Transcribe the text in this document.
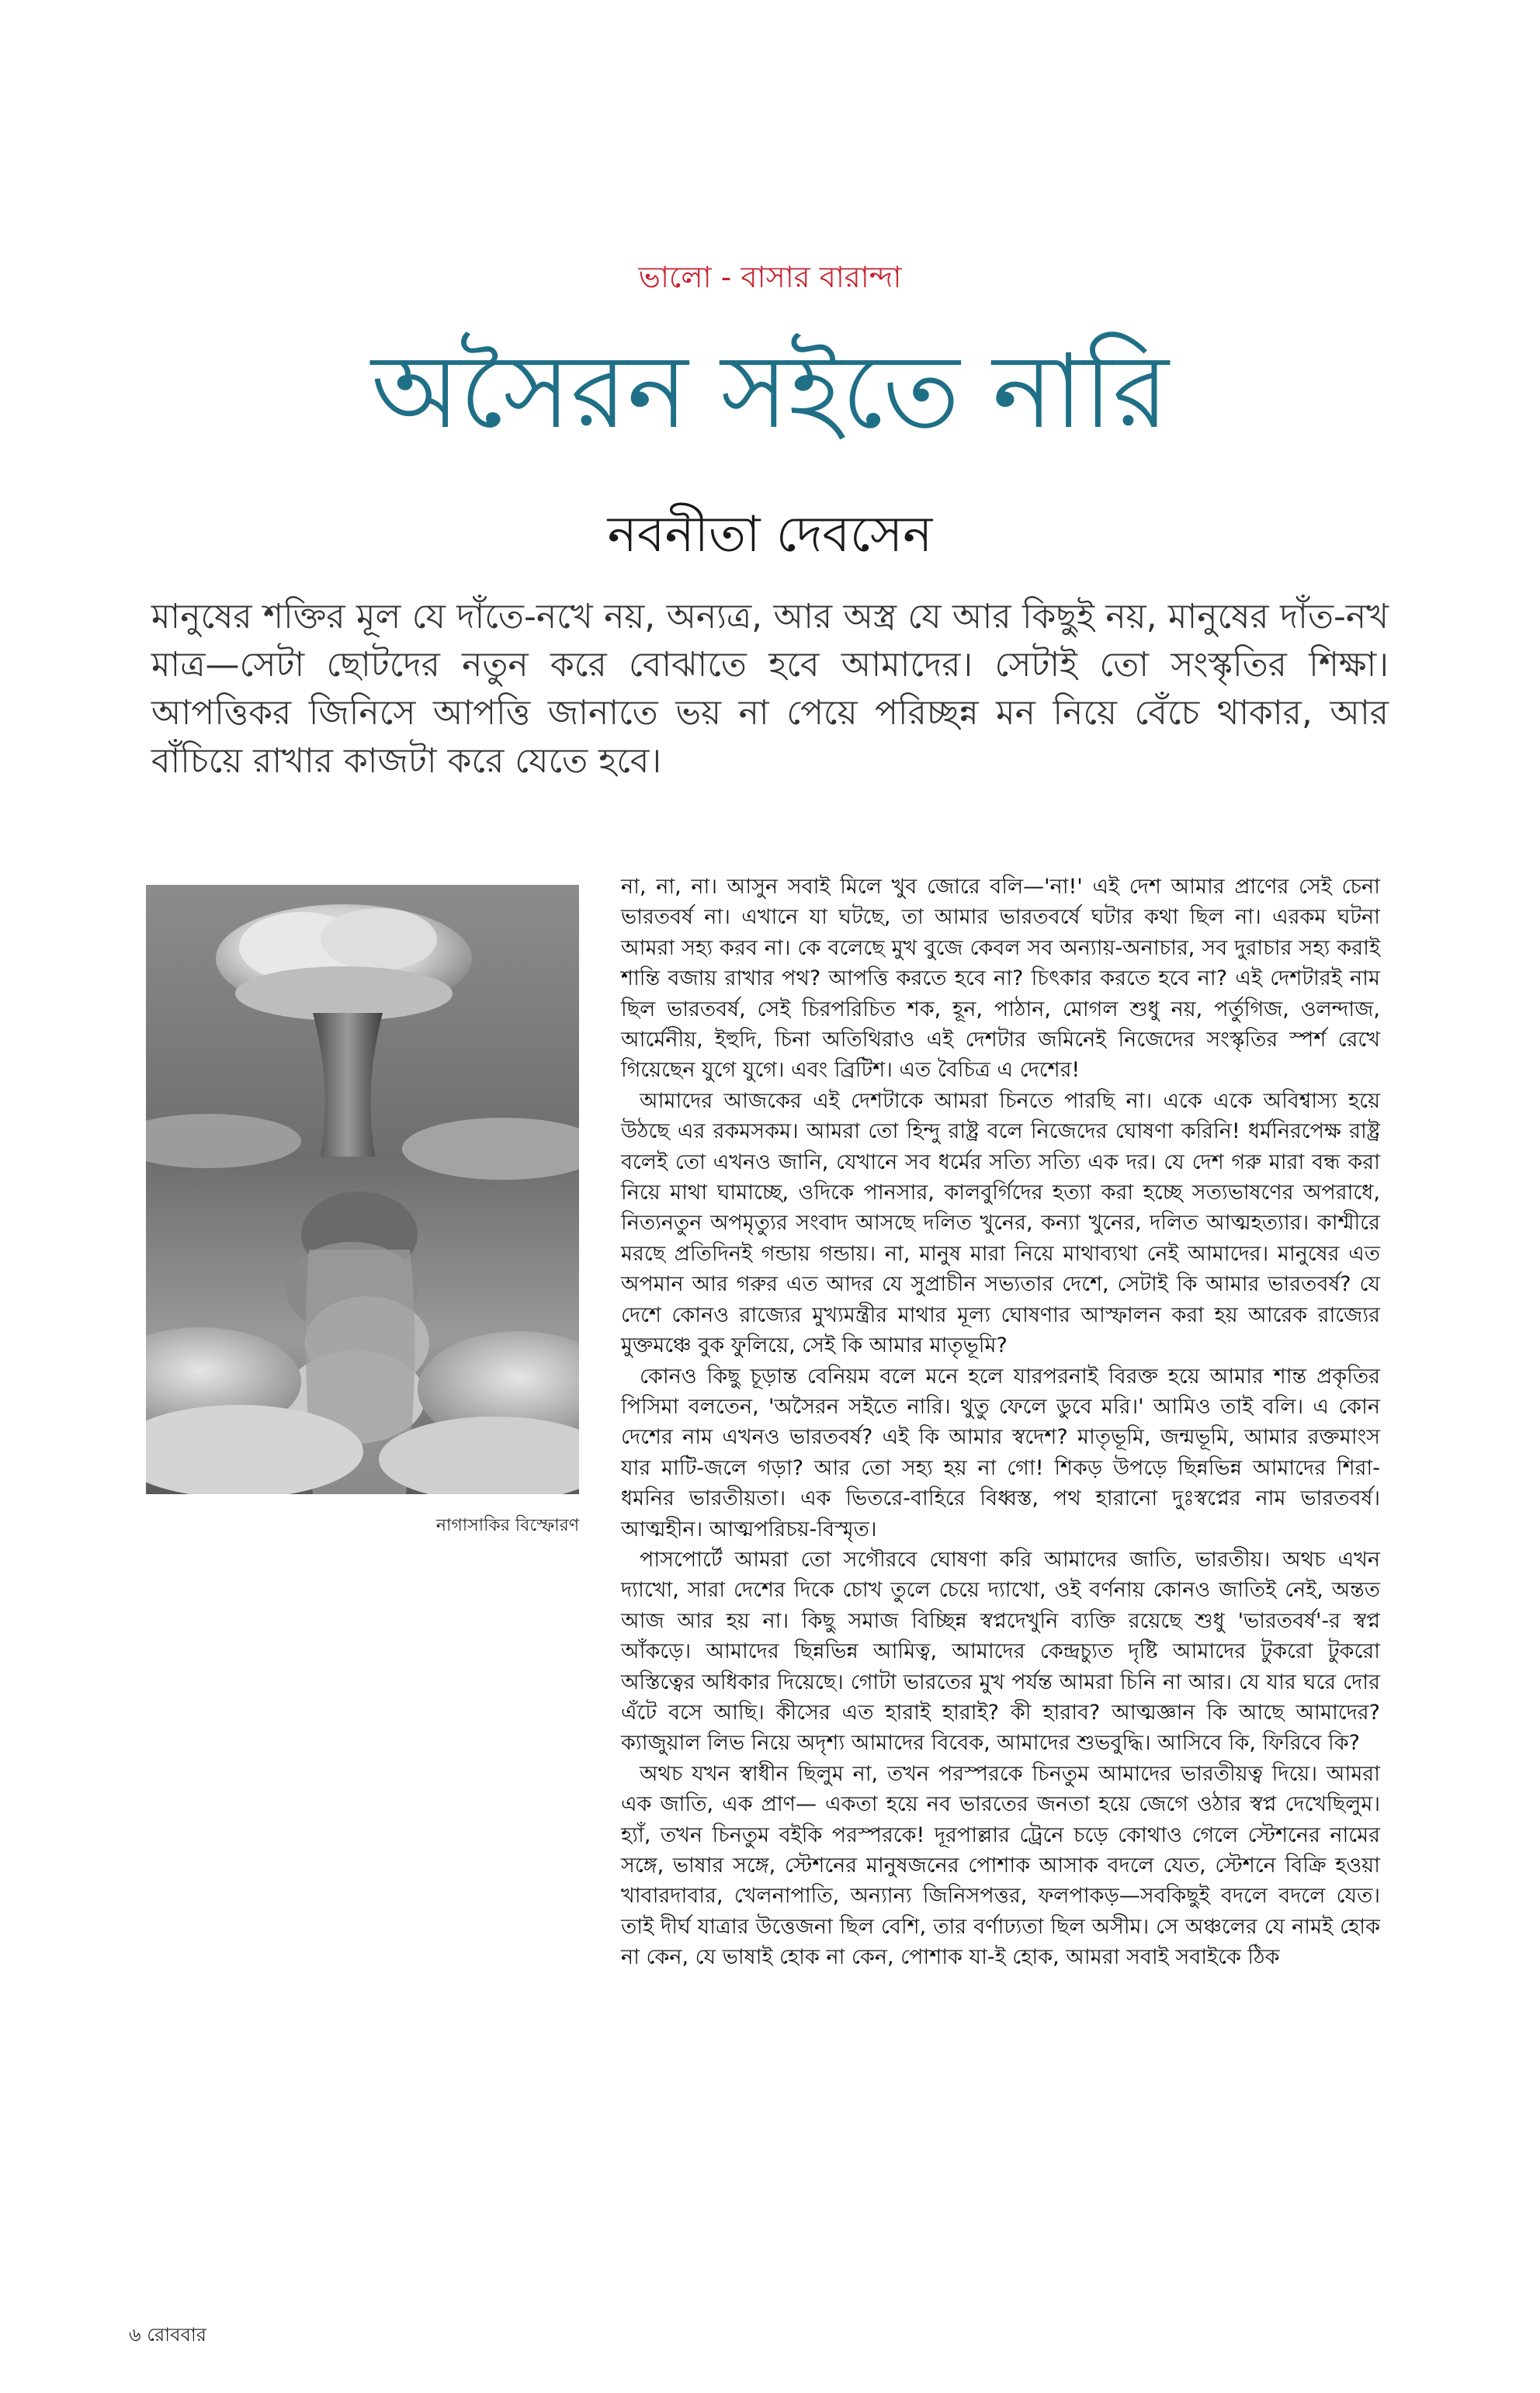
ভালো - বাসার বারান্দা
অসৈরন সইতে নারি
নবনীতা দেবসেন

মানুষের শক্তির মূল যে দাঁতে-নখে নয়, অন্যত্র, আর অস্ত্র যে আর কিছুই নয়, মানুষের দাঁত-নখ মাত্র—সেটা ছোটদের নতুন করে বোঝাতে হবে আমাদের। সেটাই তো সংস্কৃতির শিক্ষা। আপত্তিকর জিনিসে আপত্তি জানাতে ভয় না পেয়ে পরিচ্ছন্ন মন নিয়ে বেঁচে থাকার, আর বাঁচিয়ে রাখার কাজটা করে যেতে হবে।

নাগাসাকির বিস্ফোরণ

না, না, না। আসুন সবাই মিলে খুব জোরে বলি—'না!' এই দেশ আমার প্রাণের সেই চেনা ভারতবর্ষ না। এখানে যা ঘটছে, তা আমার ভারতবর্ষে ঘটার কথা ছিল না। এরকম ঘটনা আমরা সহ্য করব না। কে বলেছে মুখ বুজে কেবল সব অন্যায়-অনাচার, সব দুরাচার সহ্য করাই শান্তি বজায় রাখার পথ? আপত্তি করতে হবে না? চিৎকার করতে হবে না? এই দেশটারই নাম ছিল ভারতবর্ষ, সেই চিরপরিচিত শক, হূন, পাঠান, মোগল শুধু নয়, পর্তুগিজ, ওলন্দাজ, আর্মেনীয়, ইহুদি, চিনা অতিথিরাও এই দেশটার জমিনেই নিজেদের সংস্কৃতির স্পর্শ রেখে গিয়েছেন যুগে যুগে। এবং ব্রিটিশ। এত বৈচিত্র এ দেশের!

আমাদের আজকের এই দেশটাকে আমরা চিনতে পারছি না। একে একে অবিশ্বাস্য হয়ে উঠছে এর রকমসকম। আমরা তো হিন্দু রাষ্ট্র বলে নিজেদের ঘোষণা করিনি! ধর্মনিরপেক্ষ রাষ্ট্র বলেই তো এখনও জানি, যেখানে সব ধর্মের সত্যি সত্যি এক দর। যে দেশ গরু মারা বন্ধ করা নিয়ে মাথা ঘামাচ্ছে, ওদিকে পানসার, কালবুর্গিদের হত্যা করা হচ্ছে সত্যভাষণের অপরাধে, নিত্যনতুন অপমৃত্যুর সংবাদ আসছে দলিত খুনের, কন্যা খুনের, দলিত আত্মহত্যার। কাশ্মীরে মরছে প্রতিদিনই গন্ডায় গন্ডায়। না, মানুষ মারা নিয়ে মাথাব্যথা নেই আমাদের। মানুষের এত অপমান আর গরুর এত আদর যে সুপ্রাচীন সভ্যতার দেশে, সেটাই কি আমার ভারতবর্ষ? যে দেশে কোনও রাজ্যের মুখ্যমন্ত্রীর মাথার মূল্য ঘোষণার আস্ফালন করা হয় আরেক রাজ্যের মুক্তমঞ্চে বুক ফুলিয়ে, সেই কি আমার মাতৃভূমি?

কোনও কিছু চূড়ান্ত বেনিয়ম বলে মনে হলে যারপরনাই বিরক্ত হয়ে আমার শান্ত প্রকৃতির পিসিমা বলতেন, 'অসৈরন সইতে নারি। থুতু ফেলে ডুবে মরি।' আমিও তাই বলি। এ কোন দেশের নাম এখনও ভারতবর্ষ? এই কি আমার স্বদেশ? মাতৃভূমি, জন্মভূমি, আমার রক্তমাংস যার মাটি-জলে গড়া? আর তো সহ্য হয় না গো! শিকড় উপড়ে ছিন্নভিন্ন আমাদের শিরা-ধমনির ভারতীয়তা। এক ভিতরে-বাহিরে বিধ্বস্ত, পথ হারানো দুঃস্বপ্নের নাম ভারতবর্ষ। আত্মহীন। আত্মপরিচয়-বিস্মৃত।

পাসপোর্টে আমরা তো সগৌরবে ঘোষণা করি আমাদের জাতি, ভারতীয়। অথচ এখন দ্যাখো, সারা দেশের দিকে চোখ তুলে চেয়ে দ্যাখো, ওই বর্ণনায় কোনও জাতিই নেই, অন্তত আজ আর হয় না। কিছু সমাজ বিচ্ছিন্ন স্বপ্নদেখুনি ব্যক্তি রয়েছে শুধু 'ভারতবর্ষ'-র স্বপ্ন আঁকড়ে। আমাদের ছিন্নভিন্ন আমিত্ব, আমাদের কেন্দ্রচ্যুত দৃষ্টি আমাদের টুকরো টুকরো অস্তিত্বের অধিকার দিয়েছে। গোটা ভারতের মুখ পর্যন্ত আমরা চিনি না আর। যে যার ঘরে দোর এঁটে বসে আছি। কীসের এত হারাই হারাই? কী হারাব? আত্মজ্ঞান কি আছে আমাদের? ক্যাজুয়াল লিভ নিয়ে অদৃশ্য আমাদের বিবেক, আমাদের শুভবুদ্ধি। আসিবে কি, ফিরিবে কি?

অথচ যখন স্বাধীন ছিলুম না, তখন পরস্পরকে চিনতুম আমাদের ভারতীয়ত্ব দিয়ে। আমরা এক জাতি, এক প্রাণ— একতা হয়ে নব ভারতের জনতা হয়ে জেগে ওঠার স্বপ্ন দেখেছিলুম। হ্যাঁ, তখন চিনতুম বইকি পরস্পরকে! দূরপাল্লার ট্রেনে চড়ে কোথাও গেলে স্টেশনের নামের সঙ্গে, ভাষার সঙ্গে, স্টেশনের মানুষজনের পোশাক আসাক বদলে যেত, স্টেশনে বিক্রি হওয়া খাবারদাবার, খেলনাপাতি, অন্যান্য জিনিসপত্তর, ফলপাকড়—সবকিছুই বদলে বদলে যেত। তাই দীর্ঘ যাত্রার উত্তেজনা ছিল বেশি, তার বর্ণাঢ্যতা ছিল অসীম। সে অঞ্চলের যে নামই হোক না কেন, যে ভাষাই হোক না কেন, পোশাক যা-ই হোক, আমরা সবাই সবাইকে ঠিক

৬ রোববার
